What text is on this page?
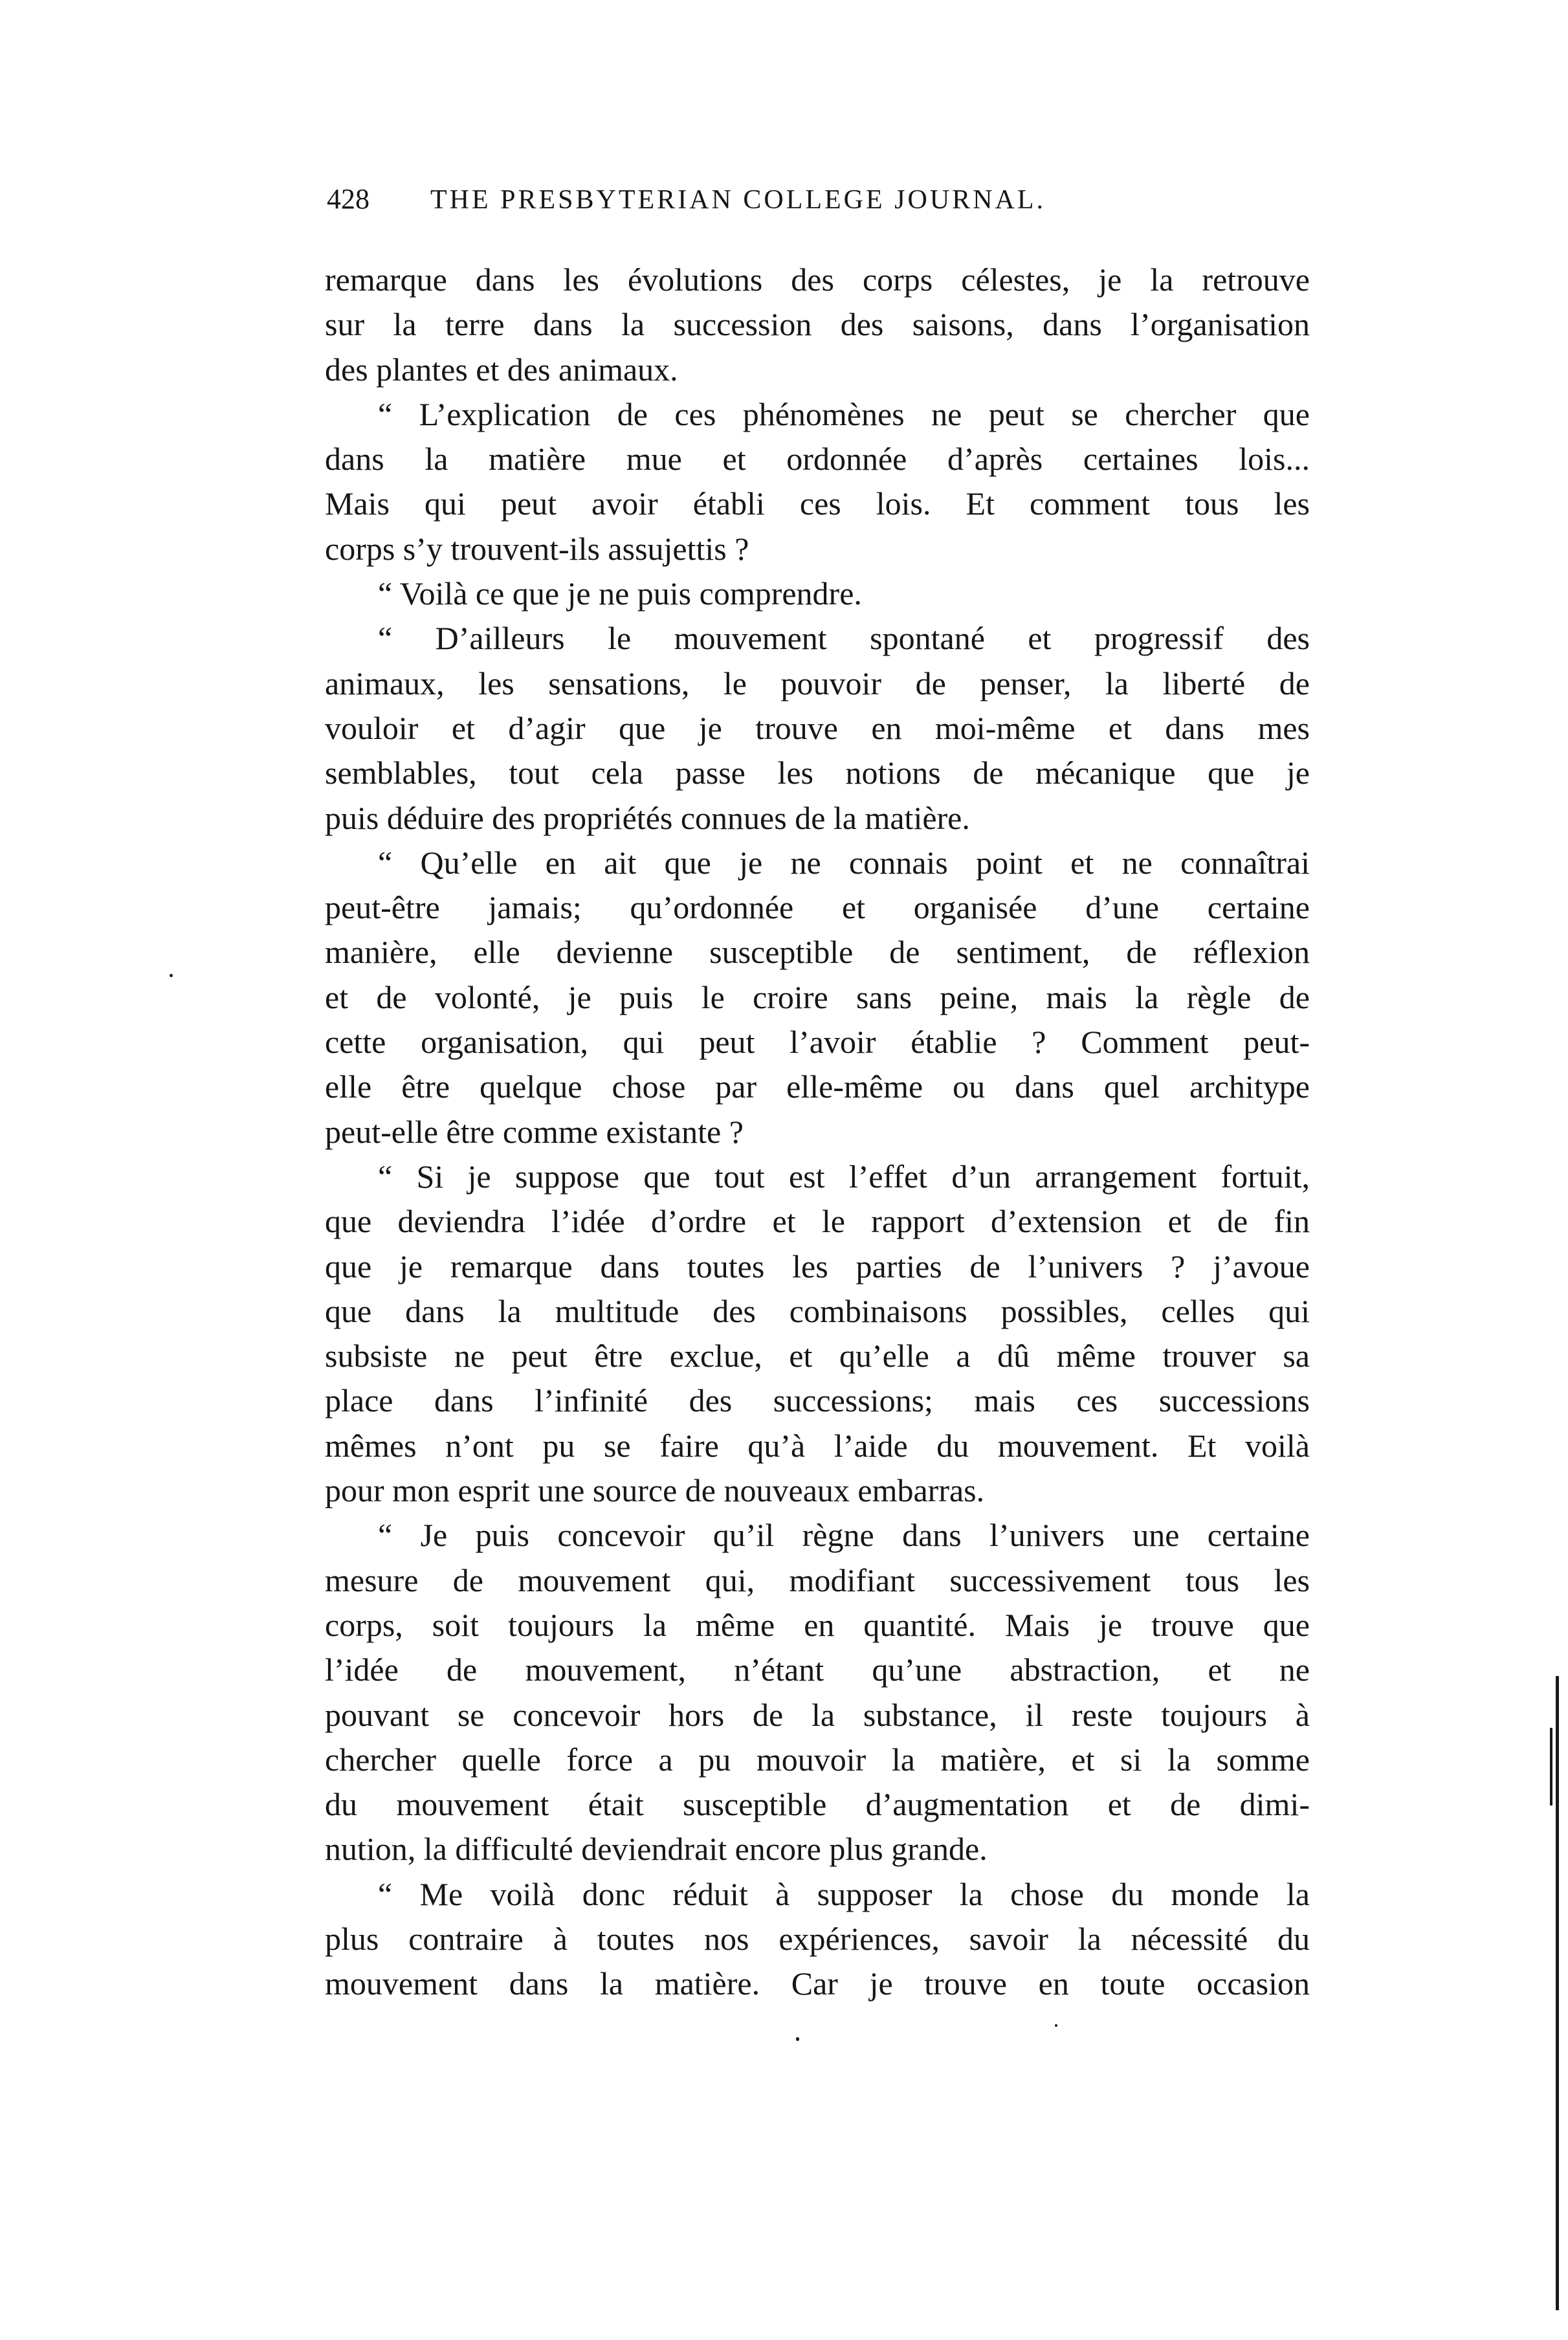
428	THE PRESBYTERIAN COLLEGE JOURNAL.
remarque dans les évolutions des corps célestes, je la retrouve
sur la terre dans la succession des saisons, dans l’organisation
des plantes et des animaux.
“ L’explication de ces phénomènes ne peut se chercher que
dans la matière mue et ordonnée d’après certaines lois...
Mais qui peut avoir établi ces lois. Et comment tous les
corps s’y trouvent-ils assujettis ?
“ Voilà ce que je ne puis comprendre.
“ D’ailleurs le mouvement spontané et progressif des
animaux, les sensations, le pouvoir de penser, la liberté de
vouloir et d’agir que je trouve en moi-même et dans mes
semblables, tout cela passe les notions de mécanique que je
puis déduire des propriétés connues de la matière.
“ Qu’elle en ait que je ne connais point et ne connaîtrai
peut-être jamais; qu’ordonnée et organisée d’une certaine
manière, elle devienne susceptible de sentiment, de réflexion
et de volonté, je puis le croire sans peine, mais la règle de
cette organisation, qui peut l’avoir établie ? Comment peut-
elle être quelque chose par elle-même ou dans quel architype
peut-elle être comme existante ?
“ Si je suppose que tout est l’effet d’un arrangement fortuit,
que deviendra l’idée d’ordre et le rapport d’extension et de fin
que je remarque dans toutes les parties de l’univers ? j’avoue
que dans la multitude des combinaisons possibles, celles qui
subsiste ne peut être exclue, et qu’elle a dû même trouver sa
place dans l’infinité des successions; mais ces successions
mêmes n’ont pu se faire qu’à l’aide du mouvement. Et voilà
pour mon esprit une source de nouveaux embarras.
“ Je puis concevoir qu’il règne dans l’univers une certaine
mesure de mouvement qui, modifiant successivement tous les
corps, soit toujours la même en quantité. Mais je trouve que
l’idée de mouvement, n’étant qu’une abstraction, et ne
pouvant se concevoir hors de la substance, il reste toujours à
chercher quelle force a pu mouvoir la matière, et si la somme
du mouvement était susceptible d’augmentation et de dimi-
nution, la difficulté deviendrait encore plus grande.
“ Me voilà donc réduit à supposer la chose du monde la
plus contraire à toutes nos expériences, savoir la nécessité du
mouvement dans la matière. Car je trouve en toute occasion
